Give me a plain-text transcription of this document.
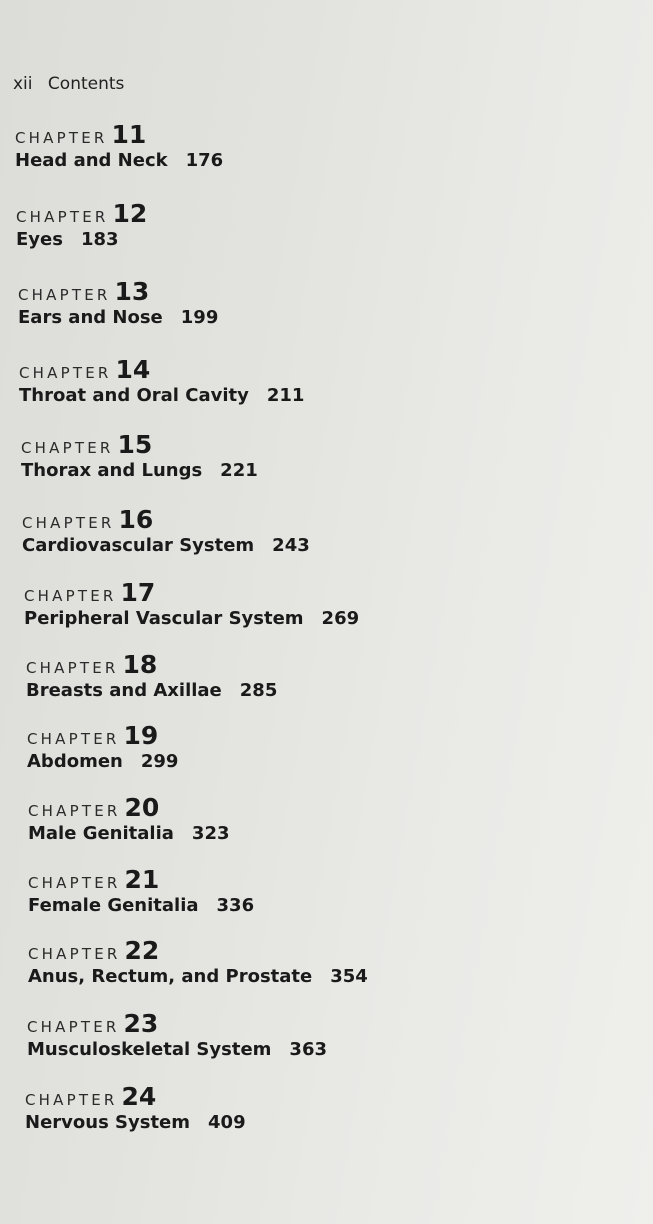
xii Contents
CHAPTER 11
Head and Neck 176
CHAPTER 12
Eyes 183
CHAPTER 13
Ears and Nose 199
CHAPTER 14
Throat and Oral Cavity 211
CHAPTER 15
Thorax and Lungs 221
CHAPTER 16
Cardiovascular System 243
CHAPTER 17
Peripheral Vascular System 269
CHAPTER 18
Breasts and Axillae 285
CHAPTER 19
Abdomen 299
CHAPTER 20
Male Genitalia 323
CHAPTER 21
Female Genitalia 336
CHAPTER 22
Anus, Rectum, and Prostate 354
CHAPTER 23
Musculoskeletal System 363
CHAPTER 24
Nervous System 409
